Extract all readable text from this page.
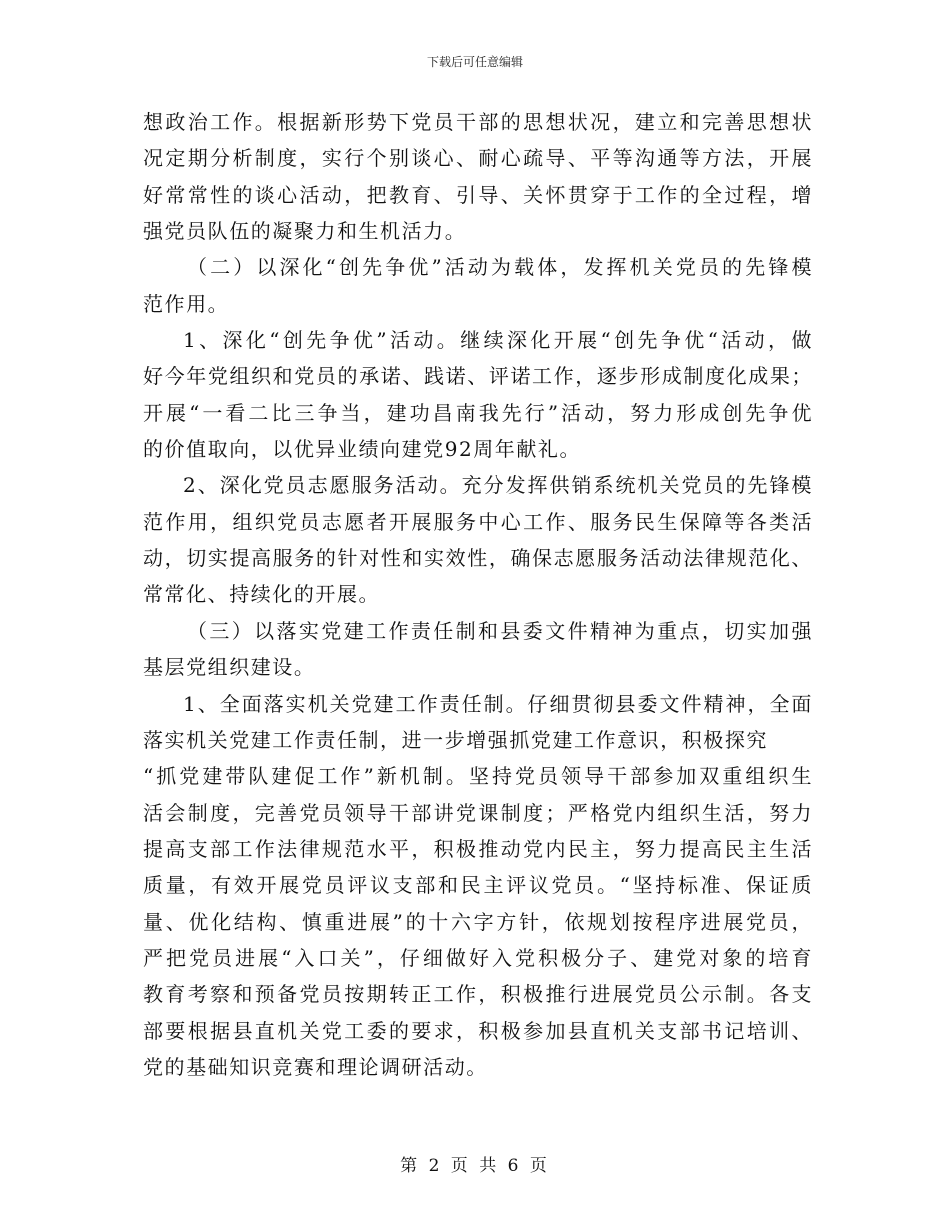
下载后可任意编辑
想政治工作。根据新形势下党员干部的思想状况，建立和完善思想状
况定期分析制度，实行个别谈心、耐心疏导、平等沟通等方法，开展
好常常性的谈心活动，把教育、引导、关怀贯穿于工作的全过程，增
强党员队伍的凝聚力和生机活力。
（二）以深化“创先争优”活动为载体，发挥机关党员的先锋模
范作用。
1、深化“创先争优”活动。继续深化开展“创先争优“活动，做
好今年党组织和党员的承诺、践诺、评诺工作，逐步形成制度化成果；
开展“一看二比三争当，建功昌南我先行”活动，努力形成创先争优
的价值取向，以优异业绩向建党92周年献礼。
2、深化党员志愿服务活动。充分发挥供销系统机关党员的先锋模
范作用，组织党员志愿者开展服务中心工作、服务民生保障等各类活
动，切实提高服务的针对性和实效性，确保志愿服务活动法律规范化、
常常化、持续化的开展。
（三）以落实党建工作责任制和县委文件精神为重点，切实加强
基层党组织建设。
1、全面落实机关党建工作责任制。仔细贯彻县委文件精神，全面
落实机关党建工作责任制，进一步增强抓党建工作意识，积极探究
“抓党建带队建促工作”新机制。坚持党员领导干部参加双重组织生
活会制度，完善党员领导干部讲党课制度；严格党内组织生活，努力
提高支部工作法律规范水平，积极推动党内民主，努力提高民主生活
质量，有效开展党员评议支部和民主评议党员。“坚持标准、保证质
量、优化结构、慎重进展”的十六字方针，依规划按程序进展党员，
严把党员进展“入口关”，仔细做好入党积极分子、建党对象的培育
教育考察和预备党员按期转正工作，积极推行进展党员公示制。各支
部要根据县直机关党工委的要求，积极参加县直机关支部书记培训、
党的基础知识竞赛和理论调研活动。
第 2 页 共 6 页
